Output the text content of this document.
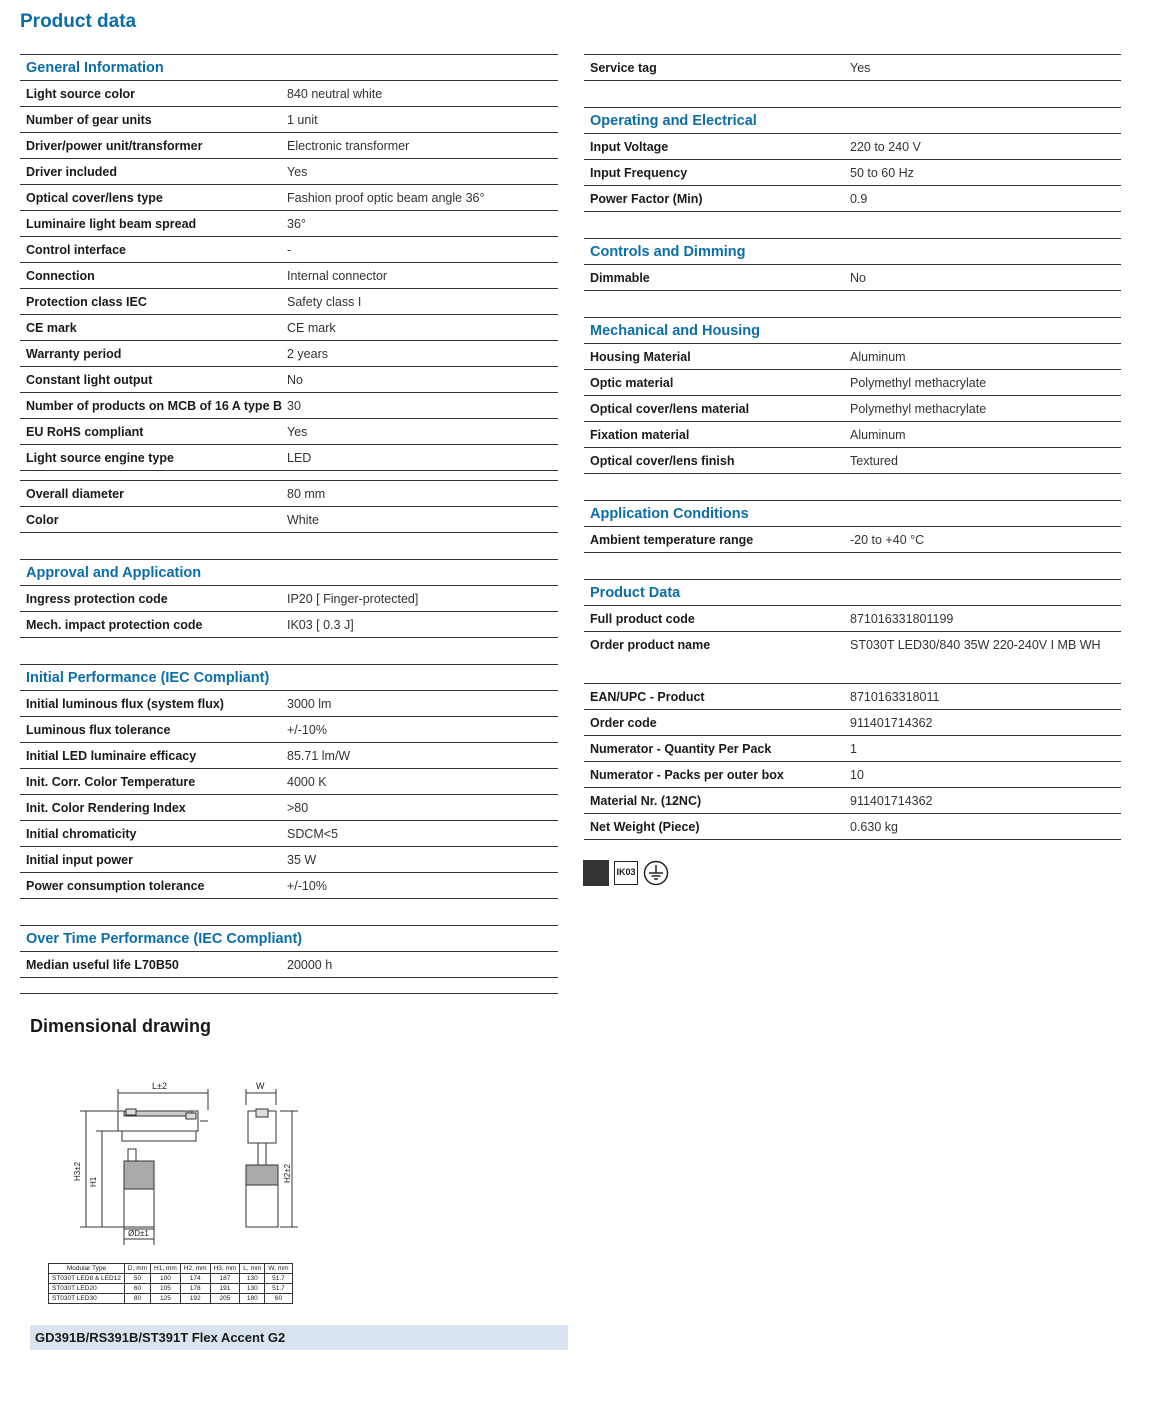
Product data
General Information
Light source color	840 neutral white
Number of gear units	1 unit
Driver/power unit/transformer	Electronic transformer
Driver included	Yes
Optical cover/lens type	Fashion proof optic beam angle 36°
Luminaire light beam spread	36°
Control interface	-
Connection	Internal connector
Protection class IEC	Safety class I
CE mark	CE mark
Warranty period	2 years
Constant light output	No
Number of products on MCB of 16 A type B 30
EU RoHS compliant	Yes
Light source engine type	LED
Overall diameter	80 mm
Color	White
Approval and Application
Ingress protection code	IP20 [ Finger-protected]
Mech. impact protection code	IK03 [ 0.3 J]
Initial Performance (IEC Compliant)
Initial luminous flux (system flux)	3000 lm
Luminous flux tolerance	+/-10%
Initial LED luminaire efficacy	85.71 lm/W
Init. Corr. Color Temperature	4000 K
Init. Color Rendering Index	>80
Initial chromaticity	SDCM<5
Initial input power	35 W
Power consumption tolerance	+/-10%
Over Time Performance (IEC Compliant)
Median useful life L70B50	20000 h
Service tag	Yes
Operating and Electrical
Input Voltage	220 to 240 V
Input Frequency	50 to 60 Hz
Power Factor (Min)	0.9
Controls and Dimming
Dimmable	No
Mechanical and Housing
Housing Material	Aluminum
Optic material	Polymethyl methacrylate
Optical cover/lens material	Polymethyl methacrylate
Fixation material	Aluminum
Optical cover/lens finish	Textured
Application Conditions
Ambient temperature range	-20 to +40 °C
Product Data
Full product code	871016331801199
Order product name	ST030T LED30/840 35W 220-240V I MB WH
EAN/UPC - Product	8710163318011
Order code	911401714362
Numerator - Quantity Per Pack	1
Numerator - Packs per outer box	10
Material Nr. (12NC)	911401714362
Net Weight (Piece)	0.630 kg
IK03
Dimensional drawing
L±2	W
ØD±1
H3±2
H1	H2±2
Modular Type	D, mm	H1, mm	H2, mm	H3, mm	L, mm	W, mm
ST030T LED8 & LED12	50	100	174	187	130	51.7
ST030T LED20	60	105	178	191	130	51.7
ST030T LED30	80	125	192	205	180	60
GD391B/RS391B/ST391T Flex Accent G2
